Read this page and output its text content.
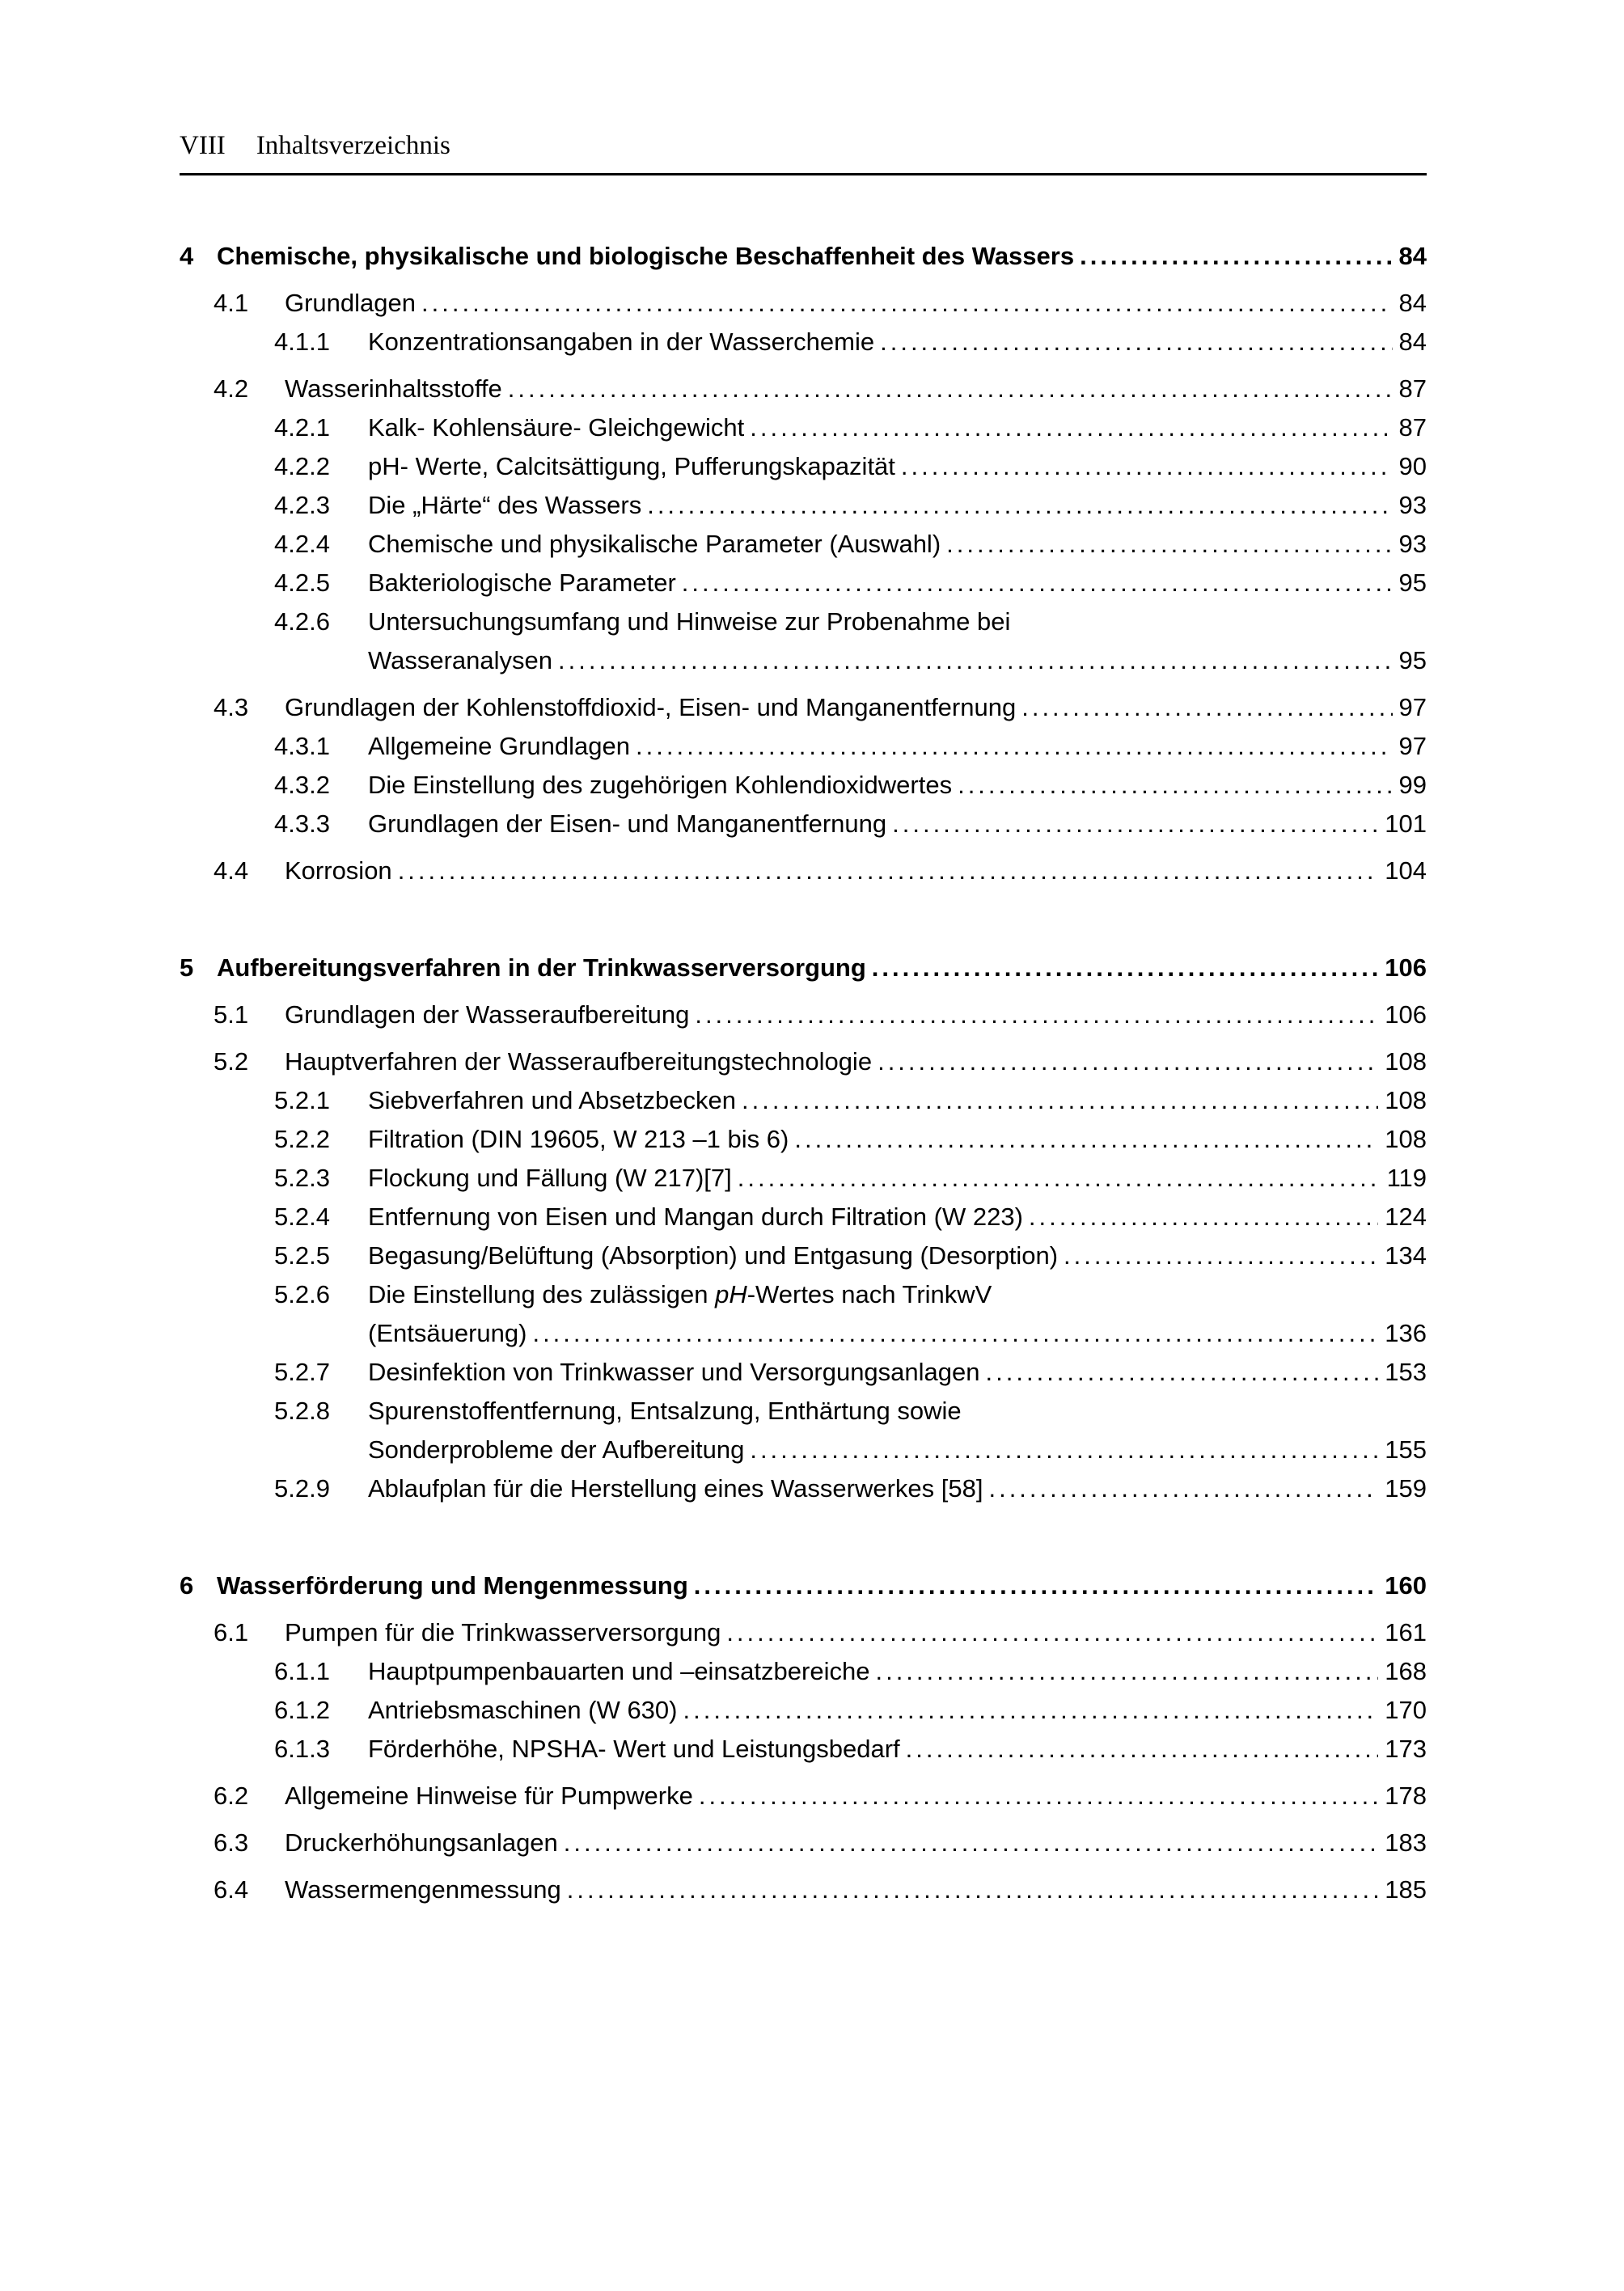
VIII Inhaltsverzeichnis
4 Chemische, physikalische und biologische Beschaffenheit des Wassers .....	84
4.1	Grundlagen .....	84
4.1.1	Konzentrationsangaben in der Wasserchemie .....	84
4.2	Wasserinhaltsstoffe .....	87
4.2.1	Kalk- Kohlensäure- Gleichgewicht .....	87
4.2.2	pH- Werte, Calcitsättigung, Pufferungskapazität .....	90
4.2.3	Die „Härte“ des Wassers .....	93
4.2.4	Chemische und physikalische Parameter (Auswahl) .....	93
4.2.5	Bakteriologische Parameter .....	95
4.2.6	Untersuchungsumfang und Hinweise zur Probenahme bei
Wasseranalysen .....	95
4.3	Grundlagen der Kohlenstoffdioxid-, Eisen- und Manganentfernung .....	97
4.3.1	Allgemeine Grundlagen .....	97
4.3.2	Die Einstellung des zugehörigen Kohlendioxidwertes .....	99
4.3.3	Grundlagen der Eisen- und Manganentfernung .....	101
4.4	Korrosion .....	104
5 Aufbereitungsverfahren in der Trinkwasserversorgung .....	106
5.1	Grundlagen der Wasseraufbereitung .....	106
5.2	Hauptverfahren der Wasseraufbereitungstechnologie .....	108
5.2.1	Siebverfahren und Absetzbecken .....	108
5.2.2	Filtration (DIN 19605, W 213 –1 bis 6) .....	108
5.2.3	Flockung und Fällung (W 217)[7] .....	119
5.2.4	Entfernung von Eisen und Mangan durch Filtration (W 223) .....	124
5.2.5	Begasung/Belüftung (Absorption) und Entgasung (Desorption) .....	134
5.2.6	Die Einstellung des zulässigen pH-Wertes nach TrinkwV
(Entsäuerung) .....	136
5.2.7	Desinfektion von Trinkwasser und Versorgungsanlagen .....	153
5.2.8	Spurenstoffentfernung, Entsalzung, Enthärtung sowie
Sonderprobleme der Aufbereitung .....	155
5.2.9	Ablaufplan für die Herstellung eines Wasserwerkes [58] .....	159
6 Wasserförderung und Mengenmessung .....	160
6.1	Pumpen für die Trinkwasserversorgung .....	161
6.1.1	Hauptpumpenbauarten und –einsatzbereiche .....	168
6.1.2	Antriebsmaschinen (W 630) .....	170
6.1.3	Förderhöhe, NPSHA- Wert und Leistungsbedarf .....	173
6.2	Allgemeine Hinweise für Pumpwerke .....	178
6.3	Druckerhöhungsanlagen .....	183
6.4	Wassermengenmessung .....	185
